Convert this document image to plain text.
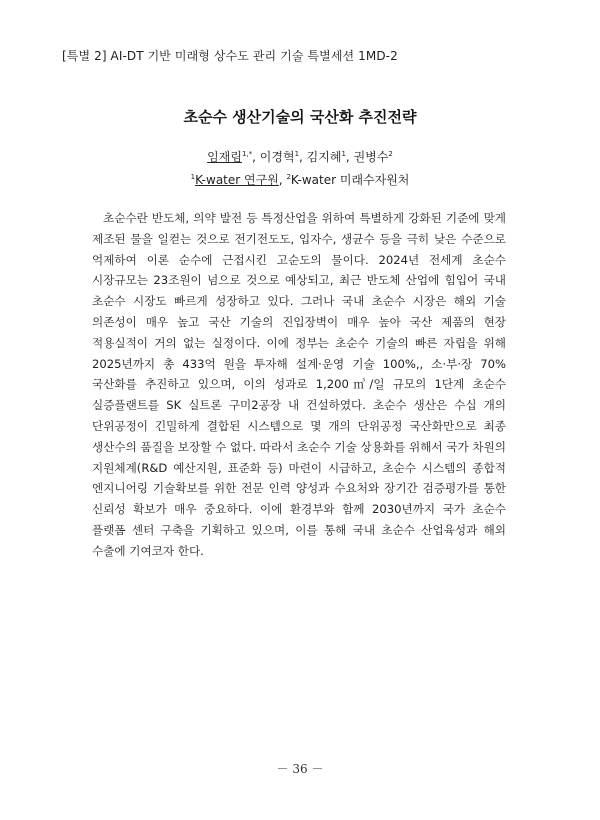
[특별 2] AI-DT 기반 미래형 상수도 관리 기술 특별세션 1MD-2
초순수 생산기술의 국산화 추진전략
임재림$^{1,*}$, 이경혁$^1$, 김지혜$^1$, 권병수$^2$
$^1$K-water 연구원, $^2$K-water 미래수자원처

초순수란 반도체, 의약 발전 등 특정산업을 위하여 특별하게 강화된 기준에 맞게 제조된 물을 일컫는 것으로 전기전도도, 입자수, 생균수 등을 극히 낮은 수준으로 억제하여 이론 순수에 근접시킨 고순도의 물이다. 2024년 전세계 초순수 시장규모는 23조원이 넘으로 것으로 예상되고, 최근 반도체 산업에 힘입어 국내 초순수 시장도 빠르게 성장하고 있다. 그러나 국내 초순수 시장은 해외 기술 의존성이 매우 높고 국산 기술의 진입장벽이 매우 높아 국산 제품의 현장 적용실적이 거의 없는 실정이다. 이에 정부는 초순수 기술의 빠른 자립을 위해 2025년까지 총 433억 원을 투자해 설계·운영 기술 100%,, 소·부·장 70% 국산화를 추진하고 있으며, 이의 성과로 1,200㎥/일 규모의 1단계 초순수 실증플랜트를 SK 실트론 구미2공장 내 건설하였다. 초순수 생산은 수십 개의 단위공정이 긴밀하게 결합된 시스템으로 몇 개의 단위공정 국산화만으로 최종 생산수의 품질을 보장할 수 없다. 따라서 초순수 기술 상용화를 위해서 국가 차원의 지원체계(R&D 예산지원, 표준화 등) 마련이 시급하고, 초순수 시스템의 종합적 엔지니어링 기술확보를 위한 전문 인력 양성과 수요처와 장기간 검증평가를 통한 신뢰성 확보가 매우 중요하다. 이에 환경부와 함께 2030년까지 국가 초순수 플랫폼 센터 구축을 기획하고 있으며, 이를 통해 국내 초순수 산업육성과 해외 수출에 기여코자 한다.

－ 36 －
